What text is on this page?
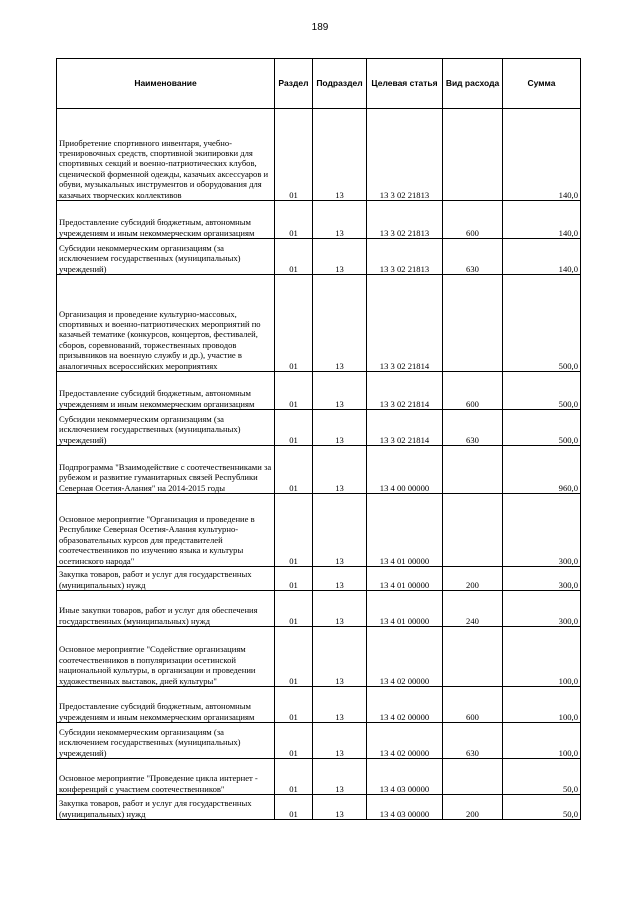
189
Наименование	Раздел	Подраздел	Целевая статья	Вид расхода	Сумма
Приобретение спортивного инвентаря, учебно-тренировочных средств, спортивной экипировки для спортивных секций и военно-патриотических клубов, сценической форменной одежды, казачьих аксессуаров и обуви, музыкальных инструментов и оборудования для казачьих творческих коллективов	01	13	13 3 02 21813		140,0
Предоставление субсидий бюджетным, автономным учреждениям и иным некоммерческим организациям	01	13	13 3 02 21813	600	140,0
Субсидии некоммерческим организациям (за исключением государственных (муниципальных) учреждений)	01	13	13 3 02 21813	630	140,0
Организация и проведение культурно-массовых, спортивных и военно-патриотических мероприятий по казачьей тематике (конкурсов, концертов, фестивалей, сборов, соревнований, торжественных проводов призывников на военную службу и др.), участие в аналогичных всероссийских мероприятиях	01	13	13 3 02 21814		500,0
Предоставление субсидий бюджетным, автономным учреждениям и иным некоммерческим организациям	01	13	13 3 02 21814	600	500,0
Субсидии некоммерческим организациям (за исключением государственных (муниципальных) учреждений)	01	13	13 3 02 21814	630	500,0
Подпрограмма "Взаимодействие с соотечественниками за рубежом и развитие гуманитарных связей Республики Северная Осетия-Алания" на 2014-2015 годы	01	13	13 4 00 00000		960,0
Основное мероприятие "Организация и проведение в Республике Северная Осетия-Алания культурно-образовательных курсов для представителей соотечественников по изучению языка и культуры осетинского народа"	01	13	13 4 01 00000		300,0
Закупка товаров, работ и услуг для государственных (муниципальных) нужд	01	13	13 4 01 00000	200	300,0
Иные закупки товаров, работ и услуг для обеспечения государственных (муниципальных) нужд	01	13	13 4 01 00000	240	300,0
Основное мероприятие "Содействие организациям соотечественников в популяризации осетинской национальной культуры, в организации и проведении художественных выставок, дней культуры"	01	13	13 4 02 00000		100,0
Предоставление субсидий бюджетным, автономным учреждениям и иным некоммерческим организациям	01	13	13 4 02 00000	600	100,0
Субсидии некоммерческим организациям (за исключением государственных (муниципальных) учреждений)	01	13	13 4 02 00000	630	100,0
Основное мероприятие "Проведение цикла интернет - конференций с участием соотечественников"	01	13	13 4 03 00000		50,0
Закупка товаров, работ и услуг для государственных (муниципальных) нужд	01	13	13 4 03 00000	200	50,0
